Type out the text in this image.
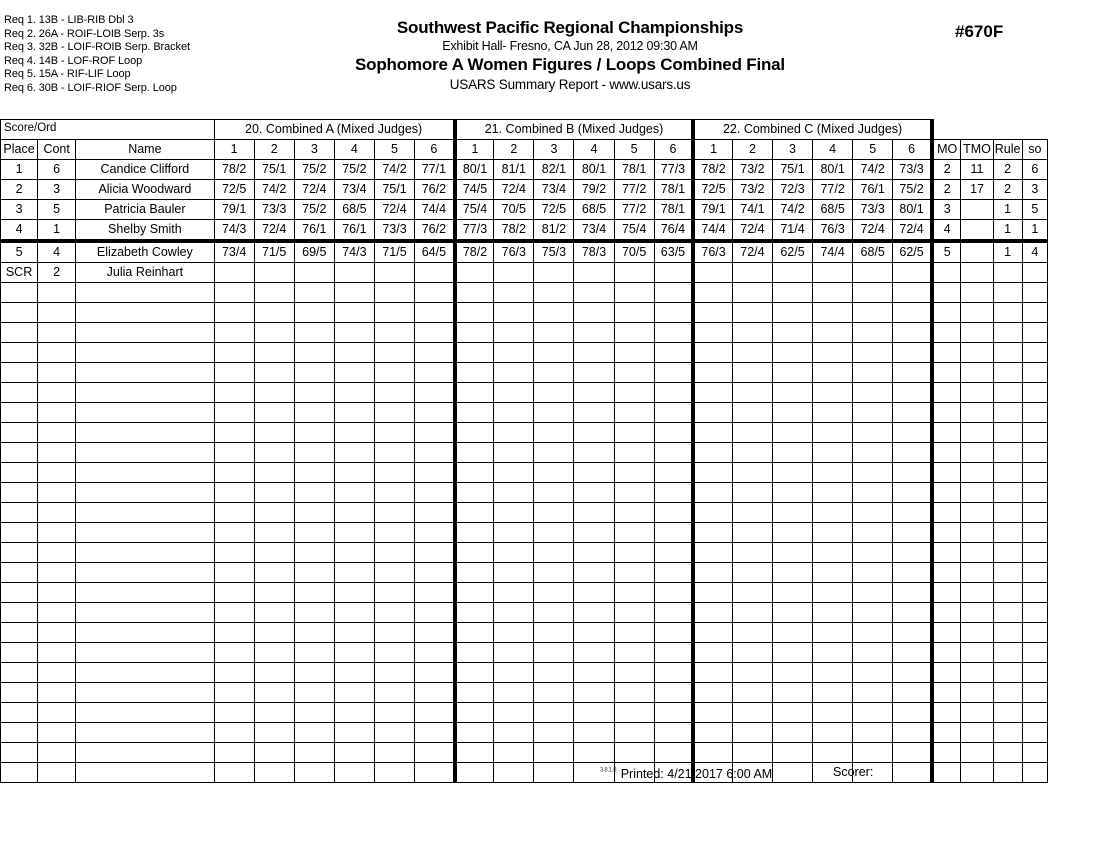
Req 1. 13B - LIB-RIB Dbl 3
Req 2. 26A - ROIF-LOIB Serp. 3s
Req 3. 32B - LOIF-ROIB Serp. Bracket
Req 4. 14B - LOF-ROF Loop
Req 5. 15A - RIF-LIF Loop
Req 6. 30B - LOIF-RIOF Serp. Loop
Southwest Pacific Regional Championships
Exhibit Hall- Fresno, CA Jun 28, 2012 09:30 AM
Sophomore A Women Figures / Loops Combined Final
USARS Summary Report - www.usars.us
#670F
Score/Ord
			20. Combined A (Mixed Judges)						21. Combined B (Mixed Judges)						22. Combined C (Mixed Judges)									
Place	Cont	Name	1	2	3	4	5	6	1	2	3	4	5	6	1	2	3	4	5	6	MO	TMO	Rule	so
1	6	Candice Clifford	78/2	75/1	75/2	75/2	74/2	77/1	80/1	81/1	82/1	80/1	78/1	77/3	78/2	73/2	75/1	80/1	74/2	73/3	2	11	2	6
2	3	Alicia Woodward	72/5	74/2	72/4	73/4	75/1	76/2	74/5	72/4	73/4	79/2	77/2	78/1	72/5	73/2	72/3	77/2	76/1	75/2	2	17	2	3
3	5	Patricia Bauler	79/1	73/3	75/2	68/5	72/4	74/4	75/4	70/5	72/5	68/5	77/2	78/1	79/1	74/1	74/2	68/5	73/3	80/1	3		1	5
4	1	Shelby Smith	74/3	72/4	76/1	76/1	73/3	76/2	77/3	78/2	81/2	73/4	75/4	76/4	74/4	72/4	71/4	76/3	72/4	72/4	4		1	1
5	4	Elizabeth Cowley	73/4	71/5	69/5	74/3	71/5	64/5	78/2	76/3	75/3	78/3	70/5	63/5	76/3	72/4	62/5	74/4	68/5	62/5	5		1	4
SCR	2	Julia Reinhart																						

$^{3.8.1.8}$ Printed: 4/21/2017 6:00 AM	Scorer:
